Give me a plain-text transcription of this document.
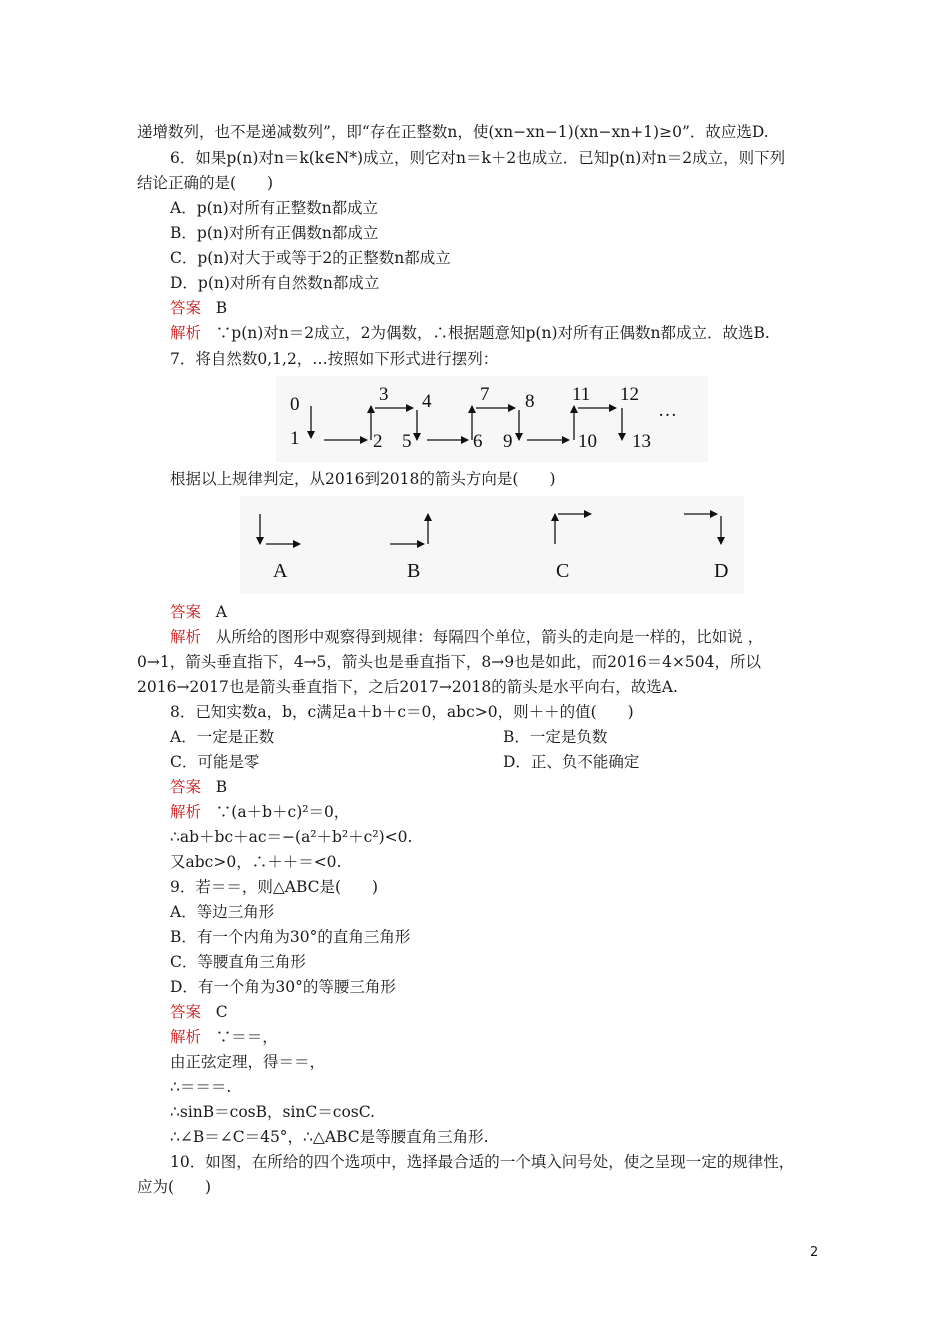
递增数列，也不是递减数列”，即“存在正整数n，使(xn−xn−1)(xn−xn+1)≥0”．故应选D.
6．如果p(n)对n＝k(k∈N*)成立，则它对n＝k＋2也成立．已知p(n)对n＝2成立，则下列
结论正确的是(　　)
A．p(n)对所有正整数n都成立
B．p(n)对所有正偶数n都成立
C．p(n)对大于或等于2的正整数n都成立
D．p(n)对所有自然数n都成立
答案 B
解析 ∵p(n)对n＝2成立，2为偶数，∴根据题意知p(n)对所有正偶数n都成立．故选B.
7．将自然数0,1,2，…按照如下形式进行摆列：
0
1	2
3 4
5	6
7 8
9	10
11 12
13
…
根据以上规律判定，从2016到2018的箭头方向是(　　)
A	B	C	D
答案 A
解析 从所给的图形中观察得到规律：每隔四个单位，箭头的走向是一样的，比如说 ，
0→1，箭头垂直指下，4→5，箭头也是垂直指下，8→9也是如此，而2016＝4×504，所以
2016→2017也是箭头垂直指下，之后2017→2018的箭头是水平向右，故选A.
8．已知实数a，b，c满足a＋b＋c＝0，abc>0，则＋＋的值(　　)
A．一定是正数	B．一定是负数
C．可能是零	D．正、负不能确定
答案 B
解析 ∵(a＋b＋c)²＝0，
∴ab＋bc＋ac＝−(a²＋b²＋c²)<0.
又abc>0，∴＋＋＝<0.
9．若＝＝，则△ABC是(　　)
A．等边三角形
B．有一个内角为30°的直角三角形
C．等腰直角三角形
D．有一个角为30°的等腰三角形
答案 C
解析 ∵＝＝，
由正弦定理，得＝＝，
∴＝＝＝.
∴sinB＝cosB，sinC＝cosC.
∴∠B＝∠C＝45°，∴△ABC是等腰直角三角形.
10．如图，在所给的四个选项中，选择最合适的一个填入问号处，使之呈现一定的规律性，
应为(　　)
2
